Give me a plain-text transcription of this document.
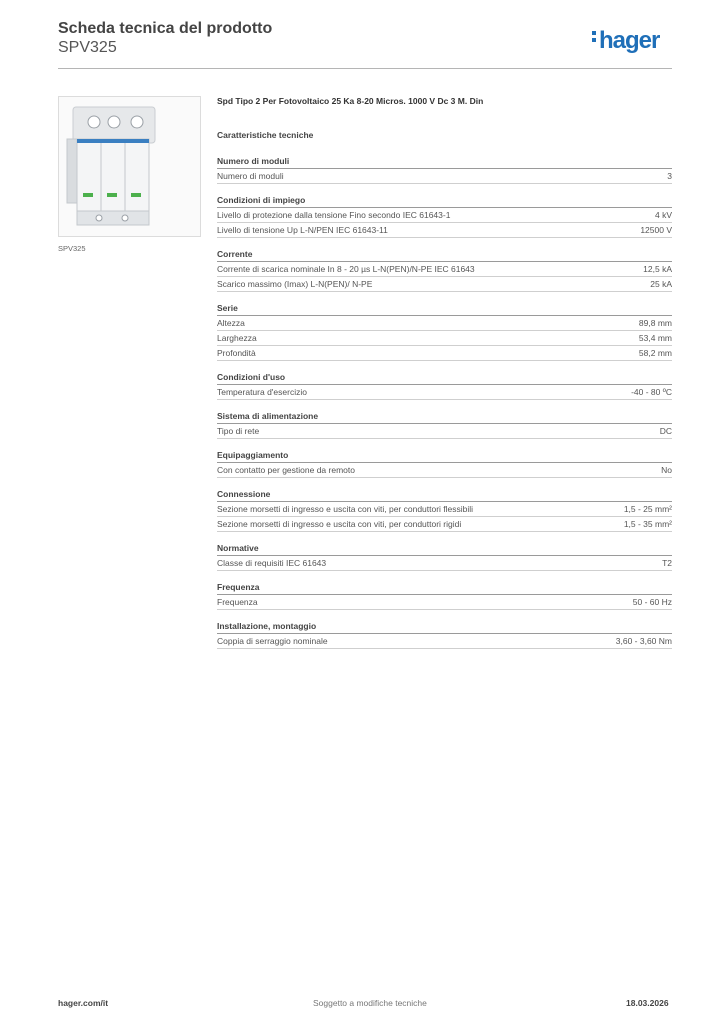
Scheda tecnica del prodotto
SPV325	hager
SPV325
Spd Tipo 2 Per Fotovoltaico 25 Ka 8-20 Micros. 1000 V Dc 3 M. Din
Caratteristiche tecniche
Numero di moduli
Numero di moduli	3
Condizioni di impiego
Livello di protezione dalla tensione Fino secondo IEC 61643-1	4 kV
Livello di tensione Up L-N/PEN IEC 61643-11	12500 V
Corrente
Corrente di scarica nominale In 8 - 20 µs L-N(PEN)/N-PE IEC 61643	12,5 kA
Scarico massimo (Imax) L-N(PEN)/ N-PE	25 kA
Serie
Altezza	89,8 mm
Larghezza	53,4 mm
Profondità	58,2 mm
Condizioni d'uso
Temperatura d'esercizio	-40 - 80 ºC
Sistema di alimentazione
Tipo di rete	DC
Equipaggiamento
Con contatto per gestione da remoto	No
Connessione
Sezione morsetti di ingresso e uscita con viti, per conduttori flessibili	1,5 - 25 mm²
Sezione morsetti di ingresso e uscita con viti, per conduttori rigidi	1,5 - 35 mm²
Normative
Classe di requisiti IEC 61643	T2
Frequenza
Frequenza	50 - 60 Hz
Installazione, montaggio
Coppia di serraggio nominale	3,60 - 3,60 Nm
hager.com/it	Soggetto a modifiche tecniche	18.03.2026
